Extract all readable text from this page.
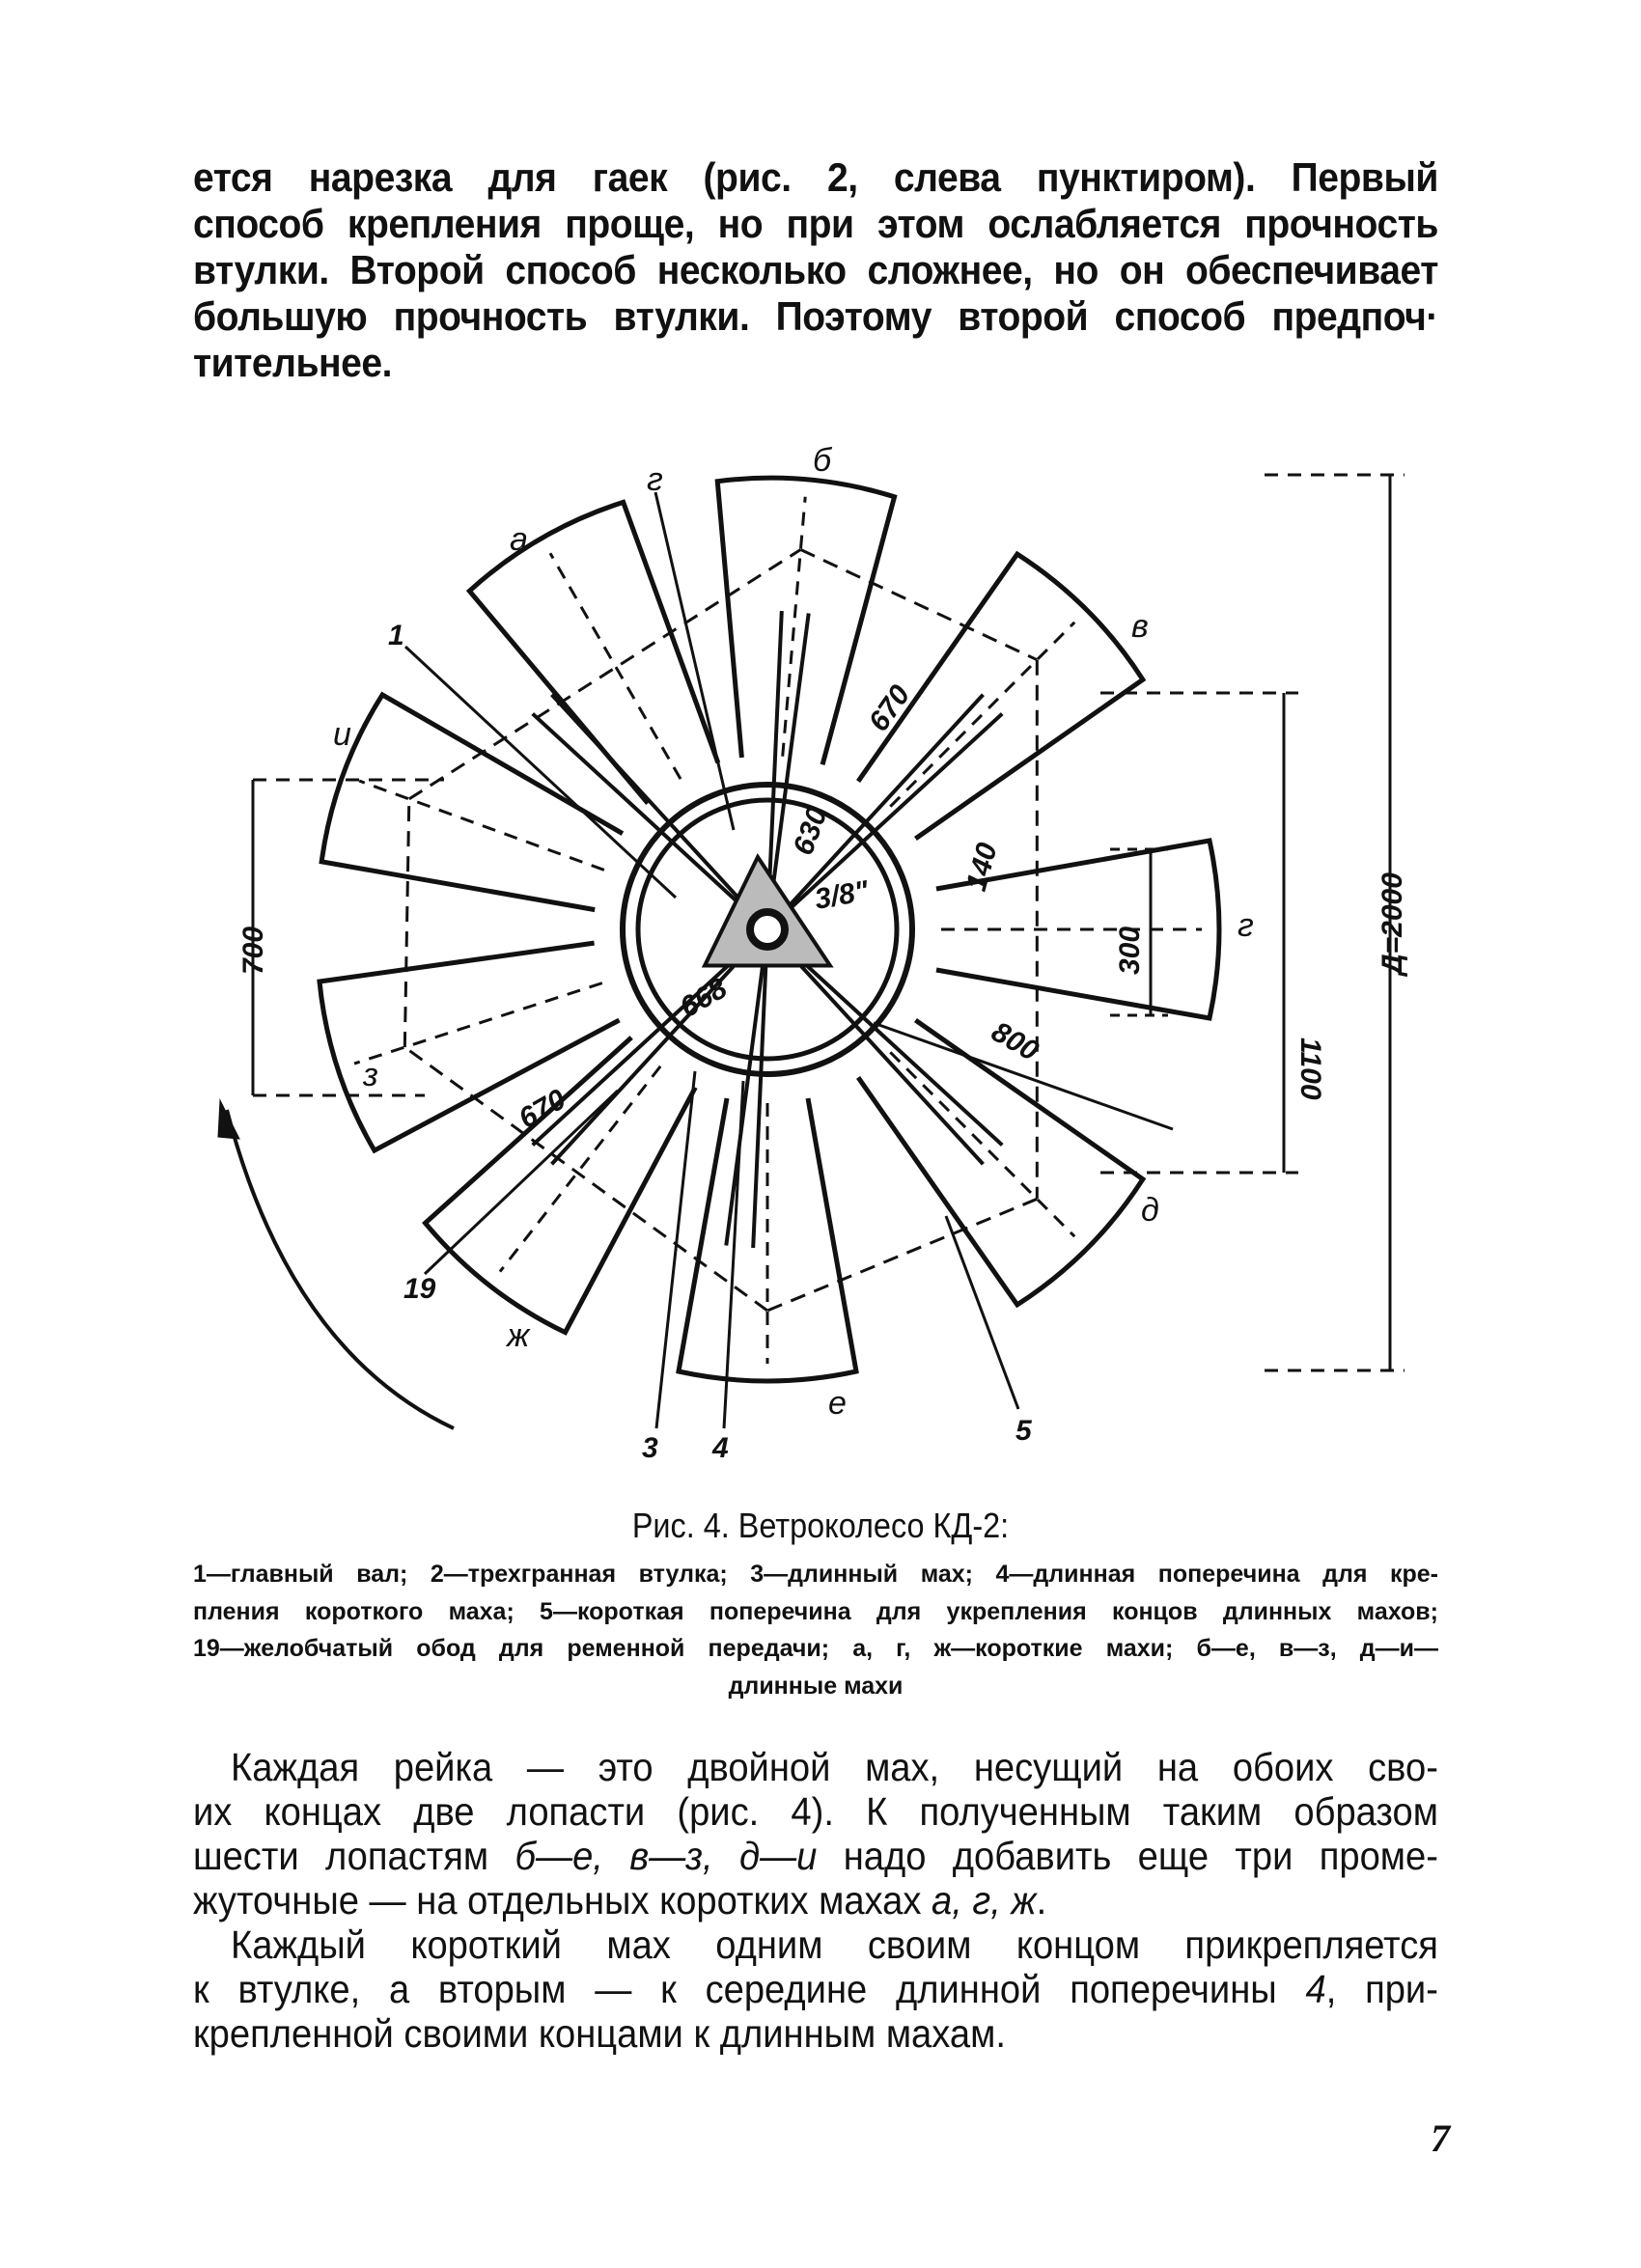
ется нарезка для гаек (рис. 2, слева пунктиром). Первый
способ крепления проще, но при этом ослабляется прочность
втулки. Второй способ несколько сложнее, но он обеспечивает
большую прочность втулки. Поэтому второй способ предпоч·
тительнее.
б
в
г
д
е
ж
з
и
а
г
1
19
3 4
5
Д=2000
1100
300
140
700
800
630
668
670
670
3/8"
Рис. 4. Ветроколесо КД-2:
1—главный вал; 2—трехгранная втулка; 3—длинный мах; 4—длинная поперечина для кре-
пления короткого маха; 5—короткая поперечина для укрепления концов длинных махов;
19—желобчатый обод для ременной передачи; а, г, ж—короткие махи; б—е, в—з, д—и—
длинные махи
Каждая рейка — это двойной мах, несущий на обоих сво-
их концах две лопасти (рис. 4). К полученным таким образом
шести лопастям б—е, в—з, д—и надо добавить еще три проме-
жуточные — на отдельных коротких махах а, г, ж.
Каждый короткий мах одним своим концом прикрепляется
к втулке, а вторым — к середине длинной поперечины 4, при-
крепленной своими концами к длинным махам.
7
